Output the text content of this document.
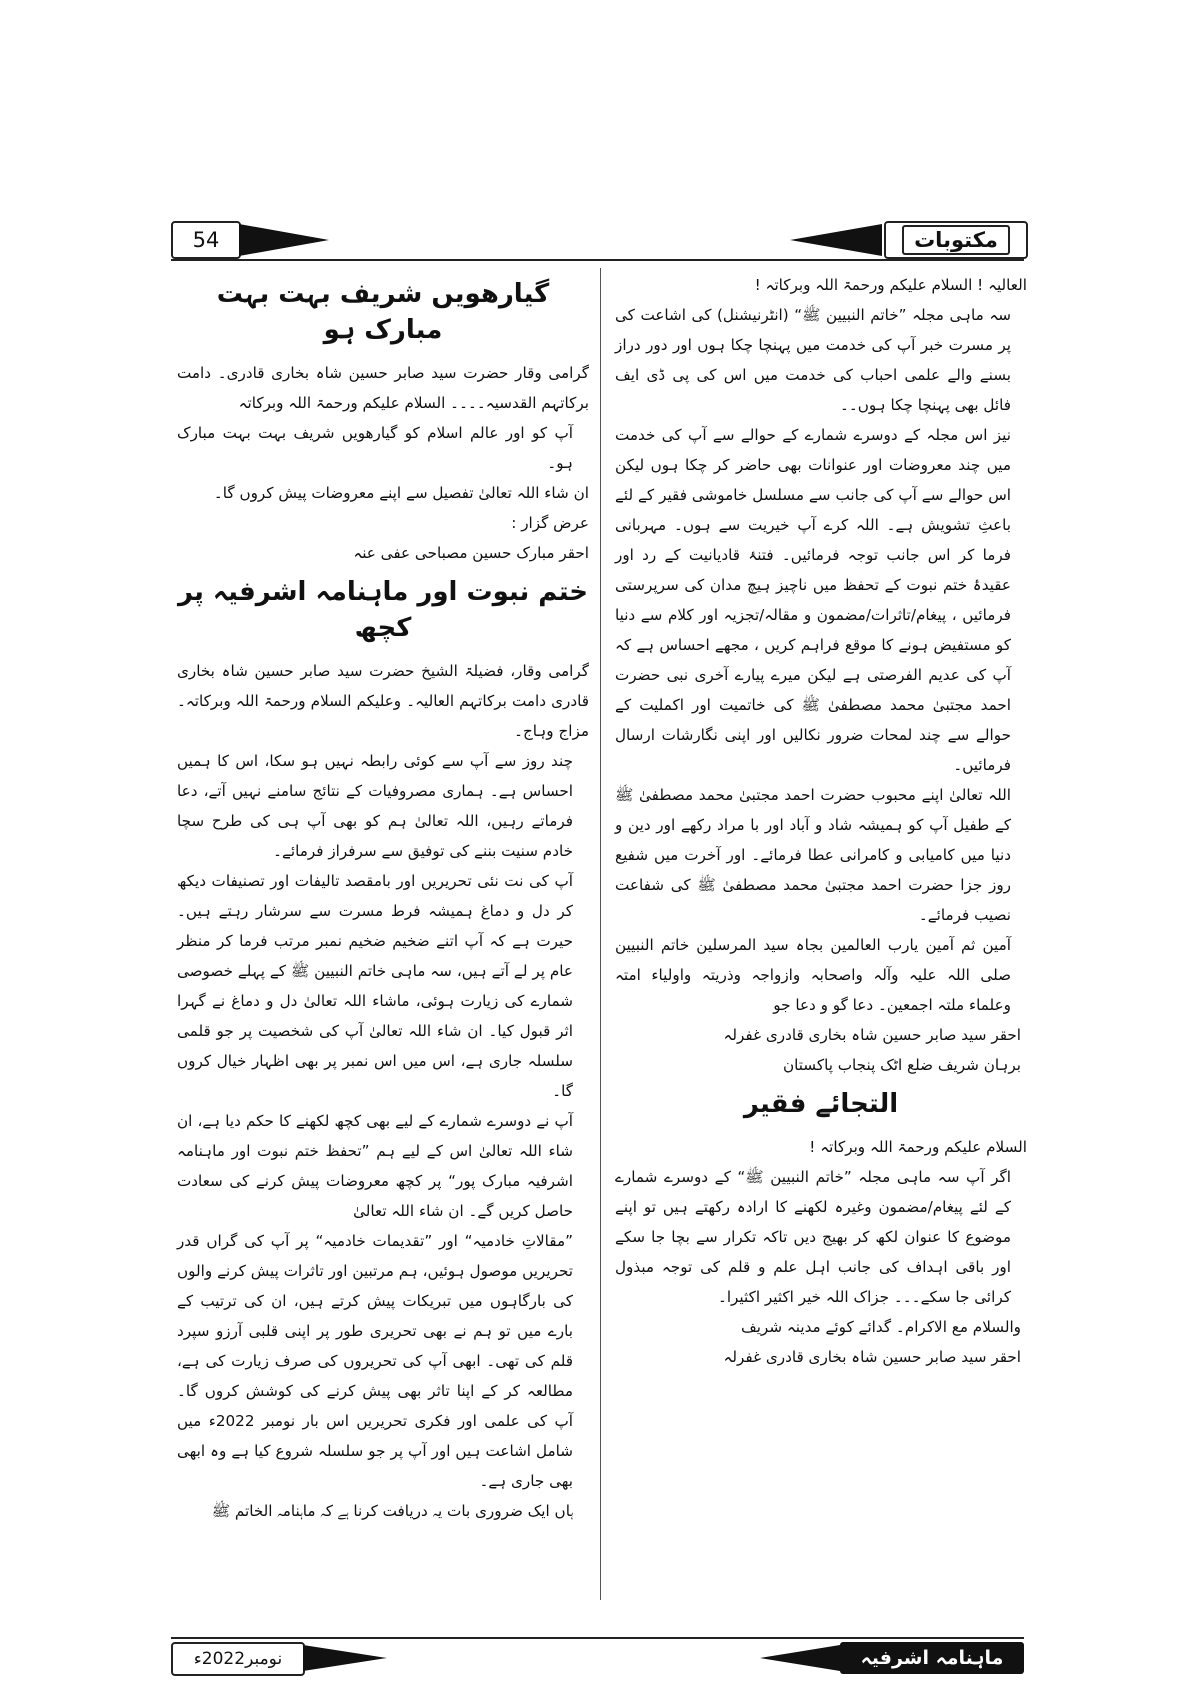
54	مکتوبات

العالیہ ! السلام علیکم ورحمۃ اللہ وبرکاتہ !

سہ ماہی مجلہ ”خاتم النبیین ﷺ“ (انٹرنیشنل) کی اشاعت کی پر مسرت خبر آپ کی خدمت میں پہنچا چکا ہوں اور دور دراز بسنے والے علمی احباب کی خدمت میں اس کی پی ڈی ایف فائل بھی پہنچا چکا ہوں۔۔

نیز اس مجلہ کے دوسرے شمارے کے حوالے سے آپ کی خدمت میں چند معروضات اور عنوانات بھی حاضر کر چکا ہوں لیکن اس حوالے سے آپ کی جانب سے مسلسل خاموشی فقیر کے لئے باعثِ تشویش ہے۔ اللہ کرے آپ خیریت سے ہوں۔ مہربانی فرما کر اس جانب توجہ فرمائیں۔ فتنۂ قادیانیت کے رد اور عقیدۂ ختم نبوت کے تحفظ میں ناچیز ہیچ مدان کی سرپرستی فرمائیں ، پیغام/تاثرات/مضمون و مقالہ/تجزیہ اور کلام سے دنیا کو مستفیض ہونے کا موقع فراہم کریں ، مجھے احساس ہے کہ آپ کی عدیم الفرصتی ہے لیکن میرے پیارے آخری نبی حضرت احمد مجتبیٰ محمد مصطفیٰ ﷺ کی خاتمیت اور اکملیت کے حوالے سے چند لمحات ضرور نکالیں اور اپنی نگارشات ارسال فرمائیں۔

اللہ تعالیٰ اپنے محبوب حضرت احمد مجتبیٰ محمد مصطفیٰ ﷺ کے طفیل آپ کو ہمیشہ شاد و آباد اور با مراد رکھے اور دین و دنیا میں کامیابی و کامرانی عطا فرمائے۔ اور آخرت میں شفیع روز جزا حضرت احمد مجتبیٰ محمد مصطفیٰ ﷺ کی شفاعت نصیب فرمائے۔

آمین ثم آمین یارب العالمین بجاہ سید المرسلین خاتم النبیین صلی اللہ علیہ وآلہ واصحابہ وازواجہ وذریتہ واولیاء امتہ وعلماء ملتہ اجمعین۔ دعا گو و دعا جو

احقر سید صابر حسین شاہ بخاری قادری غفرلہ

برہان شریف ضلع اٹک پنجاب پاکستان

التجائے فقیر

السلام علیکم ورحمۃ اللہ وبرکاتہ !

اگر آپ سہ ماہی مجلہ ”خاتم النبیین ﷺ“ کے دوسرے شمارے کے لئے پیغام/مضمون وغیرہ لکھنے کا ارادہ رکھتے ہیں تو اپنے موضوع کا عنوان لکھ کر بھیج دیں تاکہ تکرار سے بچا جا سکے اور باقی اہداف کی جانب اہل علم و قلم کی توجہ مبذول کرائی جا سکے۔۔۔ جزاک اللہ خیر اکثیر اکثیرا۔

والسلام مع الاکرام۔ گدائے کوئے مدینہ شریف

احقر سید صابر حسین شاہ بخاری قادری غفرلہ

گیارھویں شریف بہت بہت مبارک ہو

گرامی وقار حضرت سید صابر حسین شاہ بخاری قادری۔ دامت برکاتہم القدسیہ۔۔۔۔ السلام علیکم ورحمۃ اللہ وبرکاتہ

آپ کو اور عالم اسلام کو گیارھویں شریف بہت بہت مبارک ہو۔

ان شاء اللہ تعالیٰ تفصیل سے اپنے معروضات پیش کروں گا۔

عرض گزار :

احقر مبارک حسین مصباحی عفی عنہ

ختم نبوت اور ماہنامہ اشرفیہ پر کچھ

گرامی وقار، فضیلۃ الشیخ حضرت سید صابر حسین شاہ بخاری قادری دامت برکاتہم العالیہ۔ وعلیکم السلام ورحمۃ اللہ وبرکاتہ۔ مزاج وہاج۔

چند روز سے آپ سے کوئی رابطہ نہیں ہو سکا، اس کا ہمیں احساس ہے۔ ہماری مصروفیات کے نتائج سامنے نہیں آتے، دعا فرماتے رہیں، اللہ تعالیٰ ہم کو بھی آپ ہی کی طرح سچا خادم سنیت بننے کی توفیق سے سرفراز فرمائے۔

آپ کی نت نئی تحریریں اور بامقصد تالیفات اور تصنیفات دیکھ کر دل و دماغ ہمیشہ فرط مسرت سے سرشار رہتے ہیں۔ حیرت ہے کہ آپ اتنے ضخیم ضخیم نمبر مرتب فرما کر منظر عام پر لے آتے ہیں، سہ ماہی خاتم النبیین ﷺ کے پہلے خصوصی شمارے کی زیارت ہوئی، ماشاء اللہ تعالیٰ دل و دماغ نے گہرا اثر قبول کیا۔ ان شاء اللہ تعالیٰ آپ کی شخصیت پر جو قلمی سلسلہ جاری ہے، اس میں اس نمبر پر بھی اظہار خیال کروں گا۔

آپ نے دوسرے شمارے کے لیے بھی کچھ لکھنے کا حکم دیا ہے، ان شاء اللہ تعالیٰ اس کے لیے ہم ”تحفظ ختم نبوت اور ماہنامہ اشرفیہ مبارک پور“ پر کچھ معروضات پیش کرنے کی سعادت حاصل کریں گے۔ ان شاء اللہ تعالیٰ

”مقالاتِ خادمیہ“ اور ”تقدیمات خادمیہ“ پر آپ کی گراں قدر تحریریں موصول ہوئیں، ہم مرتبین اور تاثرات پیش کرنے والوں کی بارگاہوں میں تبریکات پیش کرتے ہیں، ان کی ترتیب کے بارے میں تو ہم نے بھی تحریری طور پر اپنی قلبی آرزو سپرد قلم کی تھی۔ ابھی آپ کی تحریروں کی صرف زیارت کی ہے، مطالعہ کر کے اپنا تاثر بھی پیش کرنے کی کوشش کروں گا۔ آپ کی علمی اور فکری تحریریں اس بار نومبر 2022ء میں شامل اشاعت ہیں اور آپ پر جو سلسلہ شروع کیا ہے وہ ابھی بھی جاری ہے۔

ہاں ایک ضروری بات یہ دریافت کرنا ہے کہ ماہنامہ الخاتم ﷺ

نومبر2022ء	ماہنامہ اشرفیہ
